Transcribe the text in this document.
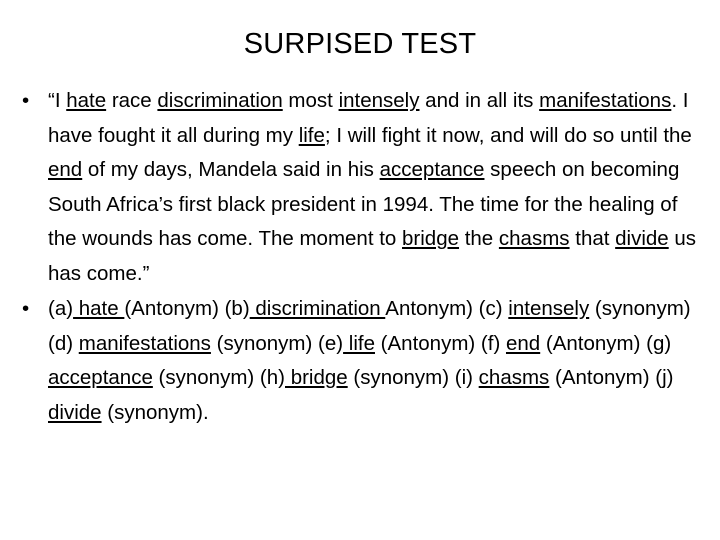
SURPISED TEST
• “I hate race discrimination most intensely and in all its manifestations. I have fought it all during my life; I will fight it now, and will do so until the end of my days, Mandela said in his acceptance speech on becoming South Africa’s first black president in 1994. The time for the healing of the wounds has come. The moment to bridge the chasms that divide us has come.”
• (a) hate (Antonym) (b) discrimination Antonym) (c) intensely (synonym) (d) manifestations (synonym) (e) life (Antonym) (f) end (Antonym) (g) acceptance (synonym) (h) bridge (synonym) (i) chasms (Antonym) (j) divide (synonym).
